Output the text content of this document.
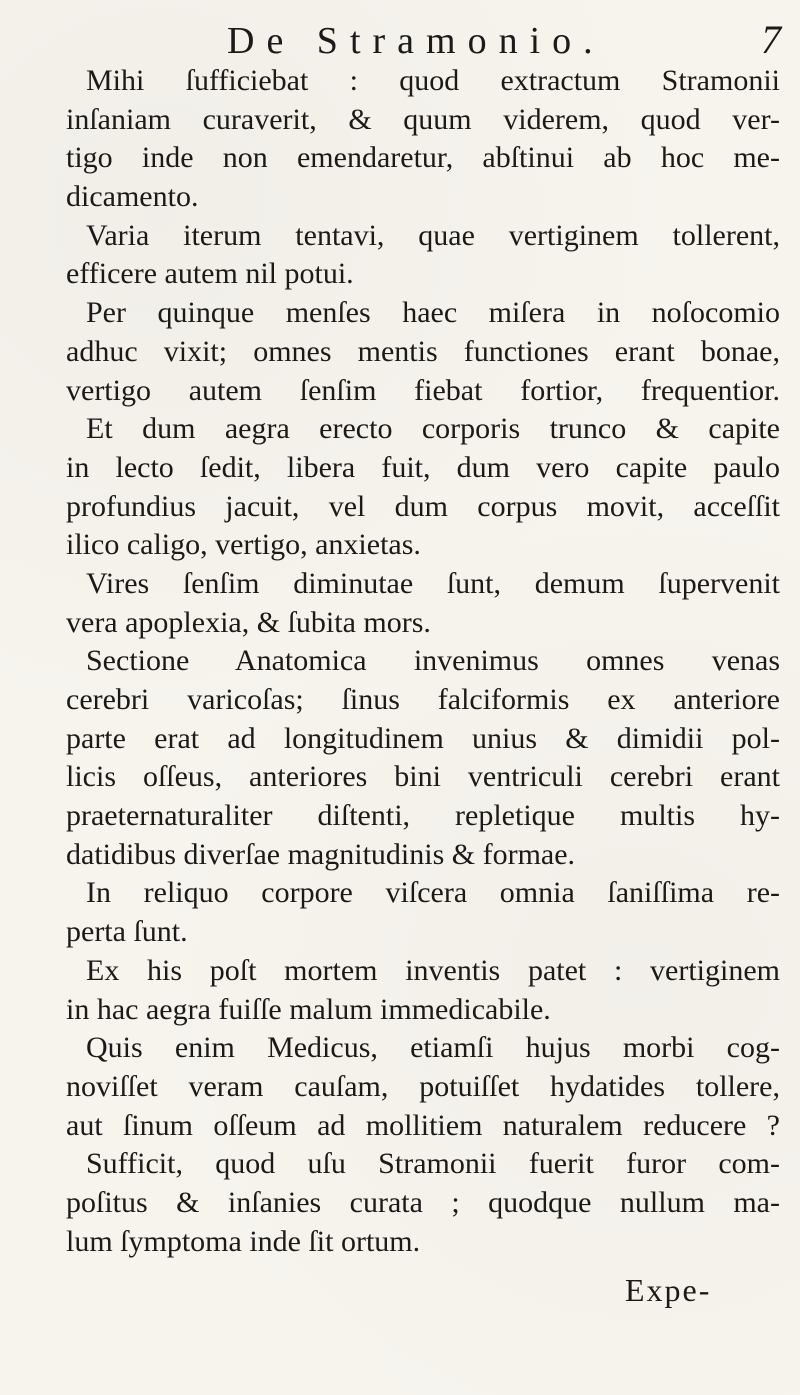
De Stramonio.	7
Mihi ſufficiebat : quod extractum Stramonii
inſaniam curaverit, & quum viderem, quod ver-
tigo inde non emendaretur, abſtinui ab hoc me-
dicamento.
Varia iterum tentavi, quae vertiginem tollerent,
efficere autem nil potui.
Per quinque menſes haec miſera in noſocomio
adhuc vixit; omnes mentis functiones erant bonae,
vertigo autem ſenſim fiebat fortior, frequentior.
Et dum aegra erecto corporis trunco & capite
in lecto ſedit, libera fuit, dum vero capite paulo
profundius jacuit, vel dum corpus movit, acceſſit
ilico caligo, vertigo, anxietas.
Vires ſenſim diminutae ſunt, demum ſupervenit
vera apoplexia, & ſubita mors.
Sectione Anatomica invenimus omnes venas
cerebri varicoſas; ſinus falciformis ex anteriore
parte erat ad longitudinem unius & dimidii pol-
licis oſſeus, anteriores bini ventriculi cerebri erant
praeternaturaliter diſtenti, repletique multis hy-
datidibus diverſae magnitudinis & formae.
In reliquo corpore viſcera omnia ſaniſſima re-
perta ſunt.
Ex his poſt mortem inventis patet : vertiginem
in hac aegra fuiſſe malum immedicabile.
Quis enim Medicus, etiamſi hujus morbi cog-
noviſſet veram cauſam, potuiſſet hydatides tollere,
aut ſinum oſſeum ad mollitiem naturalem reducere ?
Sufficit, quod uſu Stramonii fuerit furor com-
poſitus & inſanies curata ; quodque nullum ma-
lum ſymptoma inde ſit ortum.
Expe-
